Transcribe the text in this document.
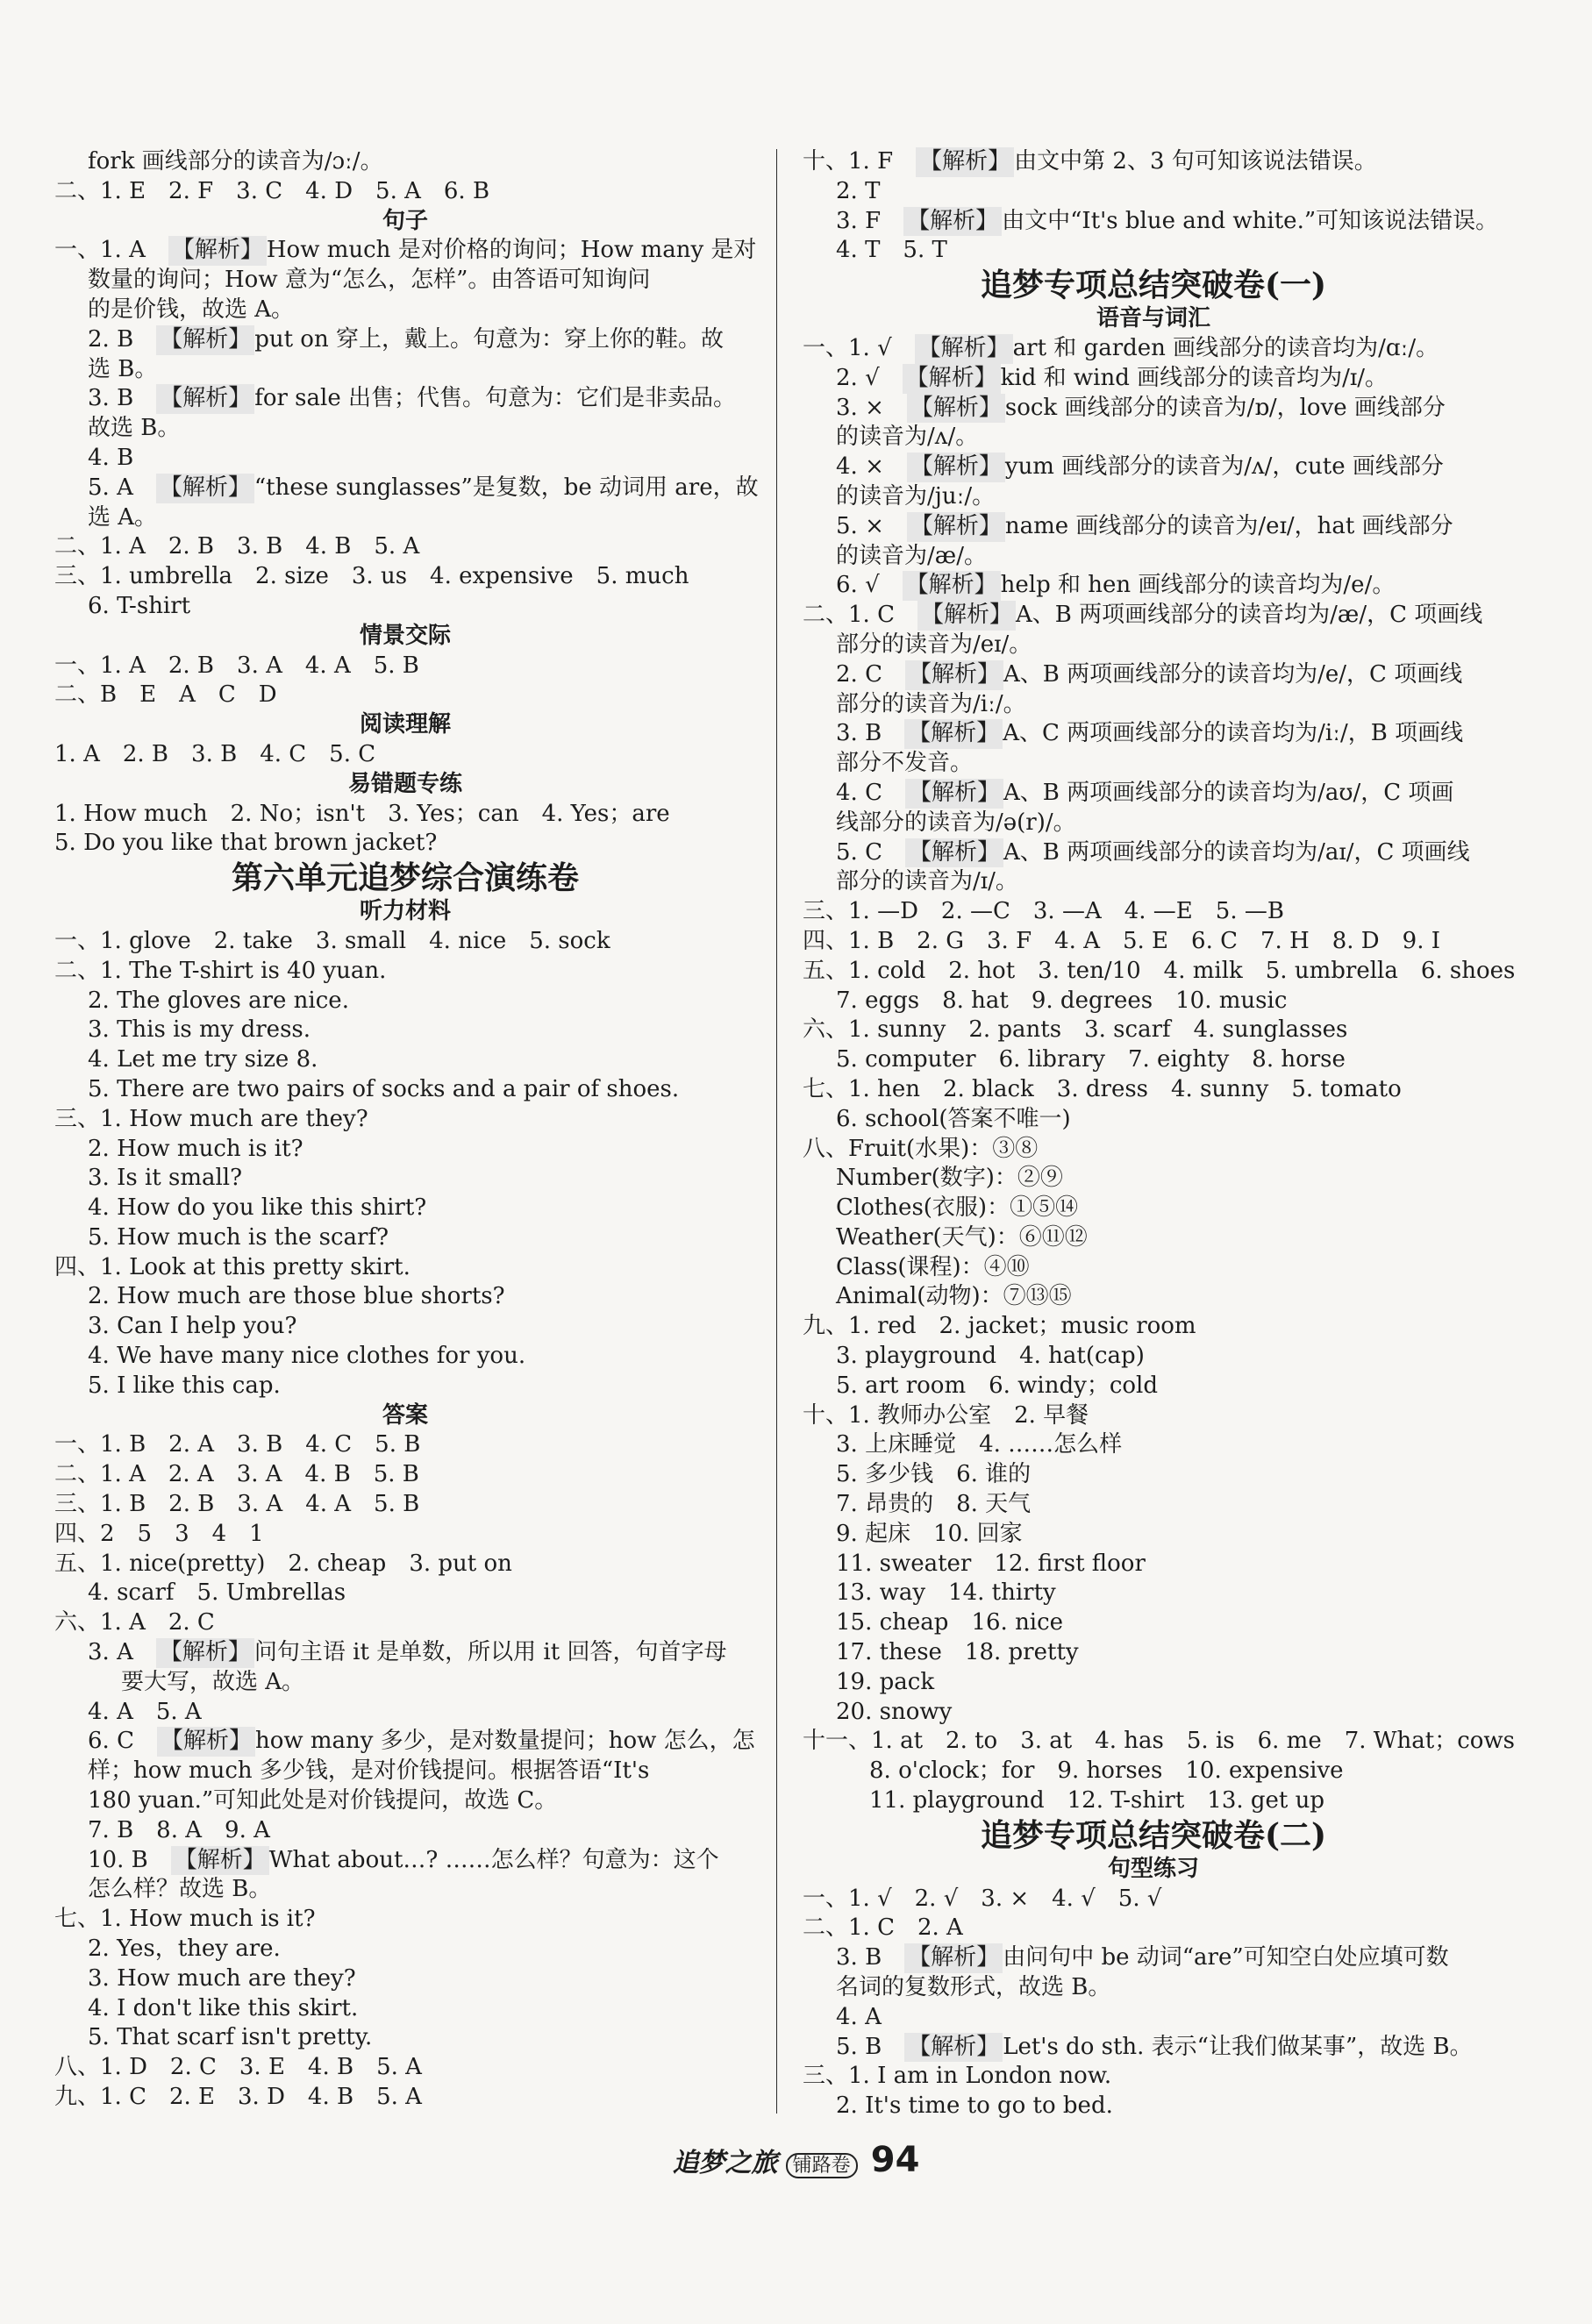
fork 画线部分的读音为/ɔː/。
二、1. E　2. F　3. C　4. D　5. A　6. B
句子
一、1. A　【解析】 How much 是对价格的询问；How many 是对
数量的询问；How 意为“怎么，怎样”。由答语可知询问
的是价钱，故选 A。
2. B　【解析】 put on 穿上，戴上。句意为：穿上你的鞋。故
选 B。
3. B　【解析】 for sale 出售；代售。句意为：它们是非卖品。
故选 B。
4. B
5. A　【解析】 “these sunglasses”是复数，be 动词用 are，故
选 A。
二、1. A　2. B　3. B　4. B　5. A
三、1. umbrella　2. size　3. us　4. expensive　5. much
6. T-shirt
情景交际
一、1. A　2. B　3. A　4. A　5. B
二、B　E　A　C　D
阅读理解
1. A　2. B　3. B　4. C　5. C
易错题专练
1. How much　2. No；isn't　3. Yes；can　4. Yes；are
5. Do you like that brown jacket?
第六单元追梦综合演练卷
听力材料
一、1. glove　2. take　3. small　4. nice　5. sock
二、1. The T-shirt is 40 yuan.
2. The gloves are nice.
3. This is my dress.
4. Let me try size 8.
5. There are two pairs of socks and a pair of shoes.
三、1. How much are they?
2. How much is it?
3. Is it small?
4. How do you like this shirt?
5. How much is the scarf?
四、1. Look at this pretty skirt.
2. How much are those blue shorts?
3. Can I help you?
4. We have many nice clothes for you.
5. I like this cap.
答案
一、1. B　2. A　3. B　4. C　5. B
二、1. A　2. A　3. A　4. B　5. B
三、1. B　2. B　3. A　4. A　5. B
四、2　5　3　4　1
五、1. nice(pretty)　2. cheap　3. put on
4. scarf　5. Umbrellas
六、1. A　2. C
3. A　【解析】 问句主语 it 是单数，所以用 it 回答，句首字母
要大写，故选 A。
4. A　5. A
6. C　【解析】 how many 多少，是对数量提问；how 怎么，怎
样；how much 多少钱，是对价钱提问。根据答语“It's
180 yuan.”可知此处是对价钱提问，故选 C。
7. B　8. A　9. A
10. B　【解析】 What about…? ……怎么样？句意为：这个
怎么样？故选 B。
七、1. How much is it?
2. Yes，they are.
3. How much are they?
4. I don't like this skirt.
5. That scarf isn't pretty.
八、1. D　2. C　3. E　4. B　5. A
九、1. C　2. E　3. D　4. B　5. A
十、1. F　【解析】 由文中第 2、3 句可知该说法错误。
2. T
3. F　【解析】 由文中“It's blue and white.”可知该说法错误。
4. T　5. T
追梦专项总结突破卷(一)
语音与词汇
一、1. √　【解析】 art 和 garden 画线部分的读音均为/ɑː/。
2. √　【解析】 kid 和 wind 画线部分的读音均为/ɪ/。
3. ×　【解析】 sock 画线部分的读音为/ɒ/，love 画线部分
的读音为/ʌ/。
4. ×　【解析】 yum 画线部分的读音为/ʌ/，cute 画线部分
的读音为/juː/。
5. ×　【解析】 name 画线部分的读音为/eɪ/，hat 画线部分
的读音为/æ/。
6. √　【解析】 help 和 hen 画线部分的读音均为/e/。
二、1. C　【解析】 A、B 两项画线部分的读音均为/æ/，C 项画线
部分的读音为/eɪ/。
2. C　【解析】 A、B 两项画线部分的读音均为/e/，C 项画线
部分的读音为/iː/。
3. B　【解析】 A、C 两项画线部分的读音均为/iː/，B 项画线
部分不发音。
4. C　【解析】 A、B 两项画线部分的读音均为/aʊ/，C 项画
线部分的读音为/ə(r)/。
5. C　【解析】 A、B 两项画线部分的读音均为/aɪ/，C 项画线
部分的读音为/ɪ/。
三、1. —D　2. —C　3. —A　4. —E　5. —B
四、1. B　2. G　3. F　4. A　5. E　6. C　7. H　8. D　9. I
五、1. cold　2. hot　3. ten/10　4. milk　5. umbrella　6. shoes
7. eggs　8. hat　9. degrees　10. music
六、1. sunny　2. pants　3. scarf　4. sunglasses
5. computer　6. library　7. eighty　8. horse
七、1. hen　2. black　3. dress　4. sunny　5. tomato
6. school(答案不唯一)
八、Fruit(水果)：③⑧
Number(数字)：②⑨
Clothes(衣服)：①⑤⑭
Weather(天气)：⑥⑪⑫
Class(课程)：④⑩
Animal(动物)：⑦⑬⑮
九、1. red　2. jacket；music room
3. playground　4. hat(cap)
5. art room　6. windy；cold
十、1. 教师办公室　2. 早餐
3. 上床睡觉　4. ……怎么样
5. 多少钱　6. 谁的
7. 昂贵的　8. 天气
9. 起床　10. 回家
11. sweater　12. first floor
13. way　14. thirty
15. cheap　16. nice
17. these　18. pretty
19. pack
20. snowy
十一、1. at　2. to　3. at　4. has　5. is　6. me　7. What；cows
8. o'clock；for　9. horses　10. expensive
11. playground　12. T-shirt　13. get up
追梦专项总结突破卷(二)
句型练习
一、1. √　2. √　3. ×　4. √　5. √
二、1. C　2. A
3. B　【解析】 由问句中 be 动词“are”可知空白处应填可数
名词的复数形式，故选 B。
4. A
5. B　【解析】 Let's do sth. 表示“让我们做某事”，故选 B。
三、1. I am in London now.
2. It's time to go to bed.
追梦之旅 铺路卷 94
